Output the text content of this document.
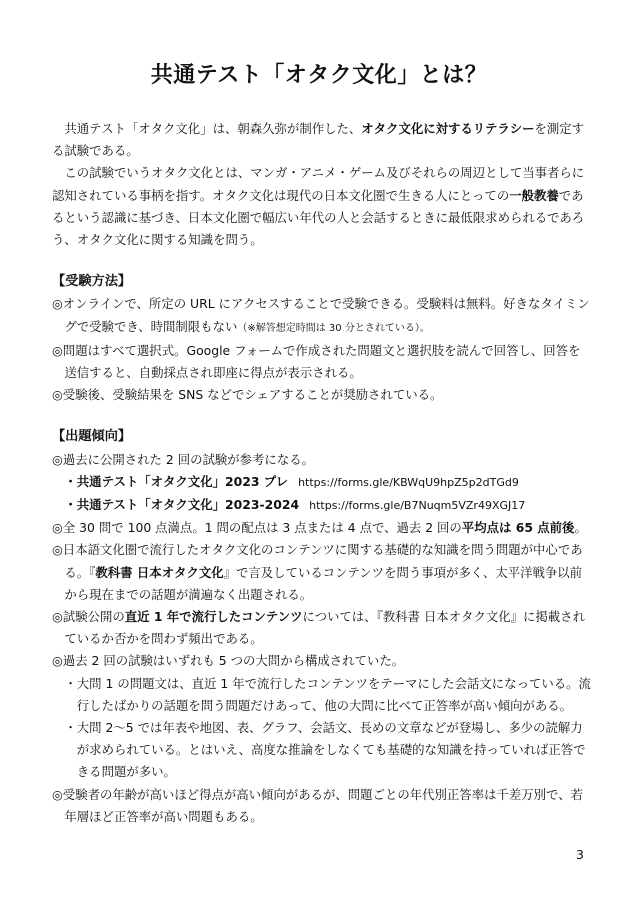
共通テスト「オタク文化」とは？

共通テスト「オタク文化」は、朝森久弥が制作した、オタク文化に対するリテラシーを測定する試験である。

この試験でいうオタク文化とは、マンガ・アニメ・ゲーム及びそれらの周辺として当事者らに認知されている事柄を指す。オタク文化は現代の日本文化圏で生きる人にとっての一般教養であるという認識に基づき、日本文化圏で幅広い年代の人と会話するときに最低限求められるであろう、オタク文化に関する知識を問う。

【受験方法】

◎オンラインで、所定の URL にアクセスすることで受験できる。受験料は無料。好きなタイミングで受験でき、時間制限もない（※解答想定時間は 30 分とされている）。

◎問題はすべて選択式。Google フォームで作成された問題文と選択肢を読んで回答し、回答を送信すると、自動採点され即座に得点が表示される。

◎受験後、受験結果を SNS などでシェアすることが奨励されている。

【出題傾向】

◎過去に公開された 2 回の試験が参考になる。

・共通テスト「オタク文化」2023 プレ https://forms.gle/KBWqU9hpZ5p2dTGd9

・共通テスト「オタク文化」2023-2024 https://forms.gle/B7Nuqm5VZr49XGJ17

◎全 30 問で 100 点満点。1 問の配点は 3 点または 4 点で、過去 2 回の平均点は 65 点前後。

◎日本語文化圏で流行したオタク文化のコンテンツに関する基礎的な知識を問う問題が中心である。『教科書 日本オタク文化』で言及しているコンテンツを問う事項が多く、太平洋戦争以前から現在までの話題が満遍なく出題される。

◎試験公開の直近 1 年で流行したコンテンツについては、『教科書 日本オタク文化』に掲載されているか否かを問わず頻出である。

◎過去 2 回の試験はいずれも 5 つの大問から構成されていた。

・大問 1 の問題文は、直近 1 年で流行したコンテンツをテーマにした会話文になっている。流行したばかりの話題を問う問題だけあって、他の大問に比べて正答率が高い傾向がある。

・大問 2～5 では年表や地図、表、グラフ、会話文、長めの文章などが登場し、多少の読解力が求められている。とはいえ、高度な推論をしなくても基礎的な知識を持っていれば正答できる問題が多い。

◎受験者の年齢が高いほど得点が高い傾向があるが、問題ごとの年代別正答率は千差万別で、若年層ほど正答率が高い問題もある。

3
